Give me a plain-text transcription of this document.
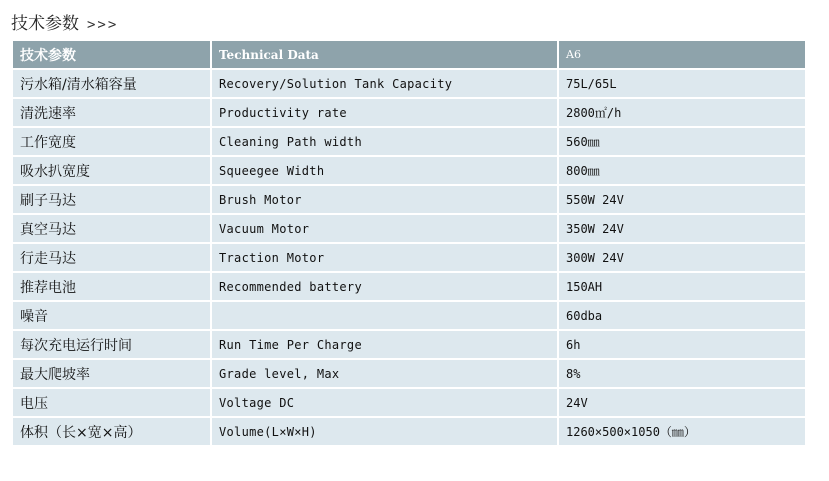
技术参数 >>>
技术参数	Technical Data	A6
污水箱/清水箱容量	Recovery/Solution Tank Capacity	75L/65L
清洗速率	Productivity rate	2800㎡/h
工作宽度	Cleaning Path width	560㎜
吸水扒宽度	Squeegee Width	800㎜
刷子马达	Brush Motor	550W 24V
真空马达	Vacuum Motor	350W 24V
行走马达	Traction Motor	300W 24V
推荐电池	Recommended battery	150AH
噪音		60dba
每次充电运行时间	Run Time Per Charge	6h
最大爬坡率	Grade level, Max	8%
电压	Voltage DC	24V
体积（长×宽×高）	Volume(L×W×H)	1260×500×1050（㎜）
